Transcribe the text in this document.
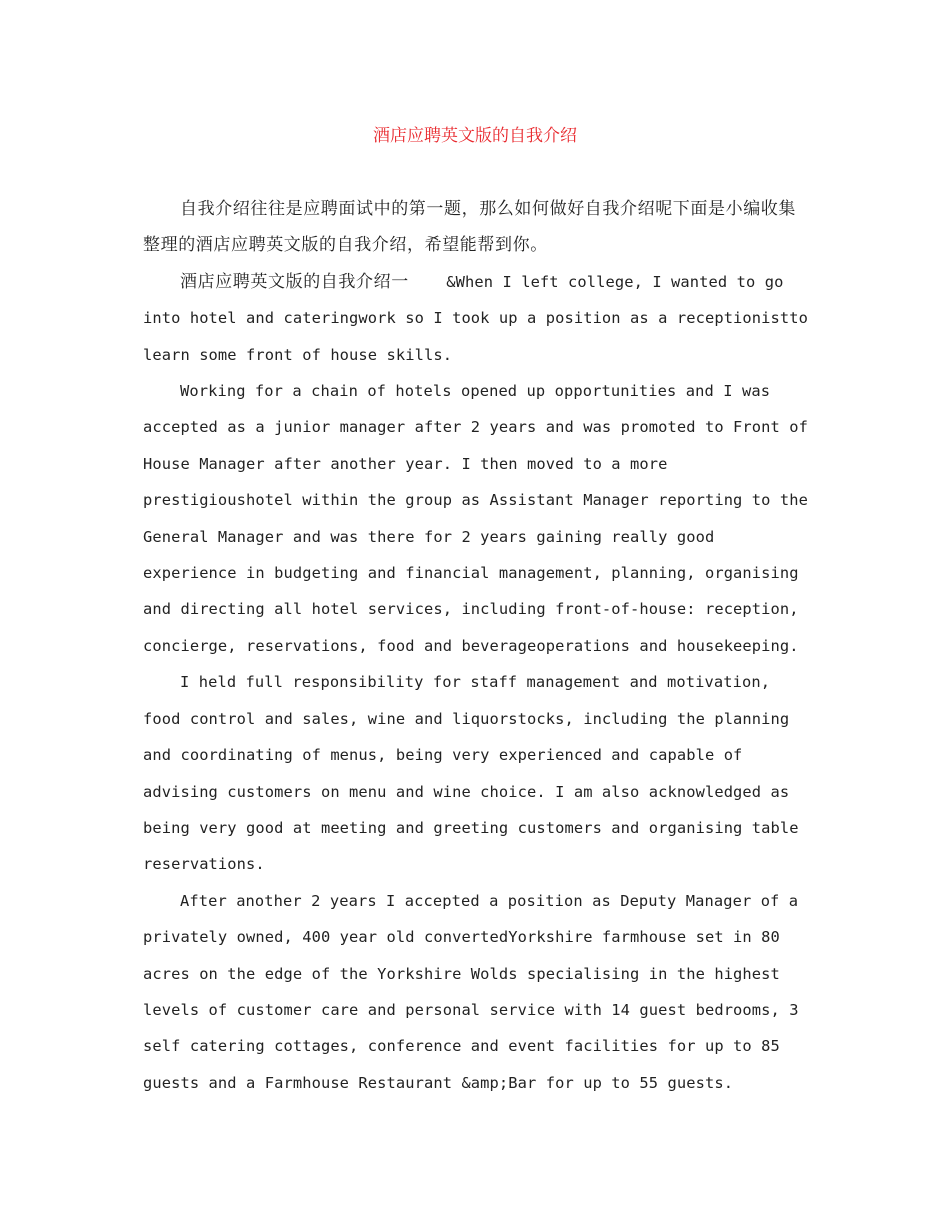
酒店应聘英文版的自我介绍

自我介绍往往是应聘面试中的第一题，那么如何做好自我介绍呢下面是小编收集整理的酒店应聘英文版的自我介绍，希望能帮到你。

酒店应聘英文版的自我介绍一    &When I left college, I wanted to go into hotel and cateringwork so I took up a position as a receptionistto learn some front of house skills.

Working for a chain of hotels opened up opportunities and I was accepted as a junior manager after 2 years and was promoted to Front of House Manager after another year. I then moved to a more prestigioushotel within the group as Assistant Manager reporting to the General Manager and was there for 2 years gaining really good experience in budgeting and financial management, planning, organising and directing all hotel services, including front-of-house: reception, concierge, reservations, food and beverageoperations and housekeeping.

I held full responsibility for staff management and motivation, food control and sales, wine and liquorstocks, including the planning and coordinating of menus, being very experienced and capable of advising customers on menu and wine choice. I am also acknowledged as being very good at meeting and greeting customers and organising table reservations.

After another 2 years I accepted a position as Deputy Manager of a privately owned, 400 year old convertedYorkshire farmhouse set in 80 acres on the edge of the Yorkshire Wolds specialising in the highest levels of customer care and personal service with 14 guest bedrooms, 3 self catering cottages, conference and event facilities for up to 85 guests and a Farmhouse Restaurant &amp;Bar for up to 55 guests.
